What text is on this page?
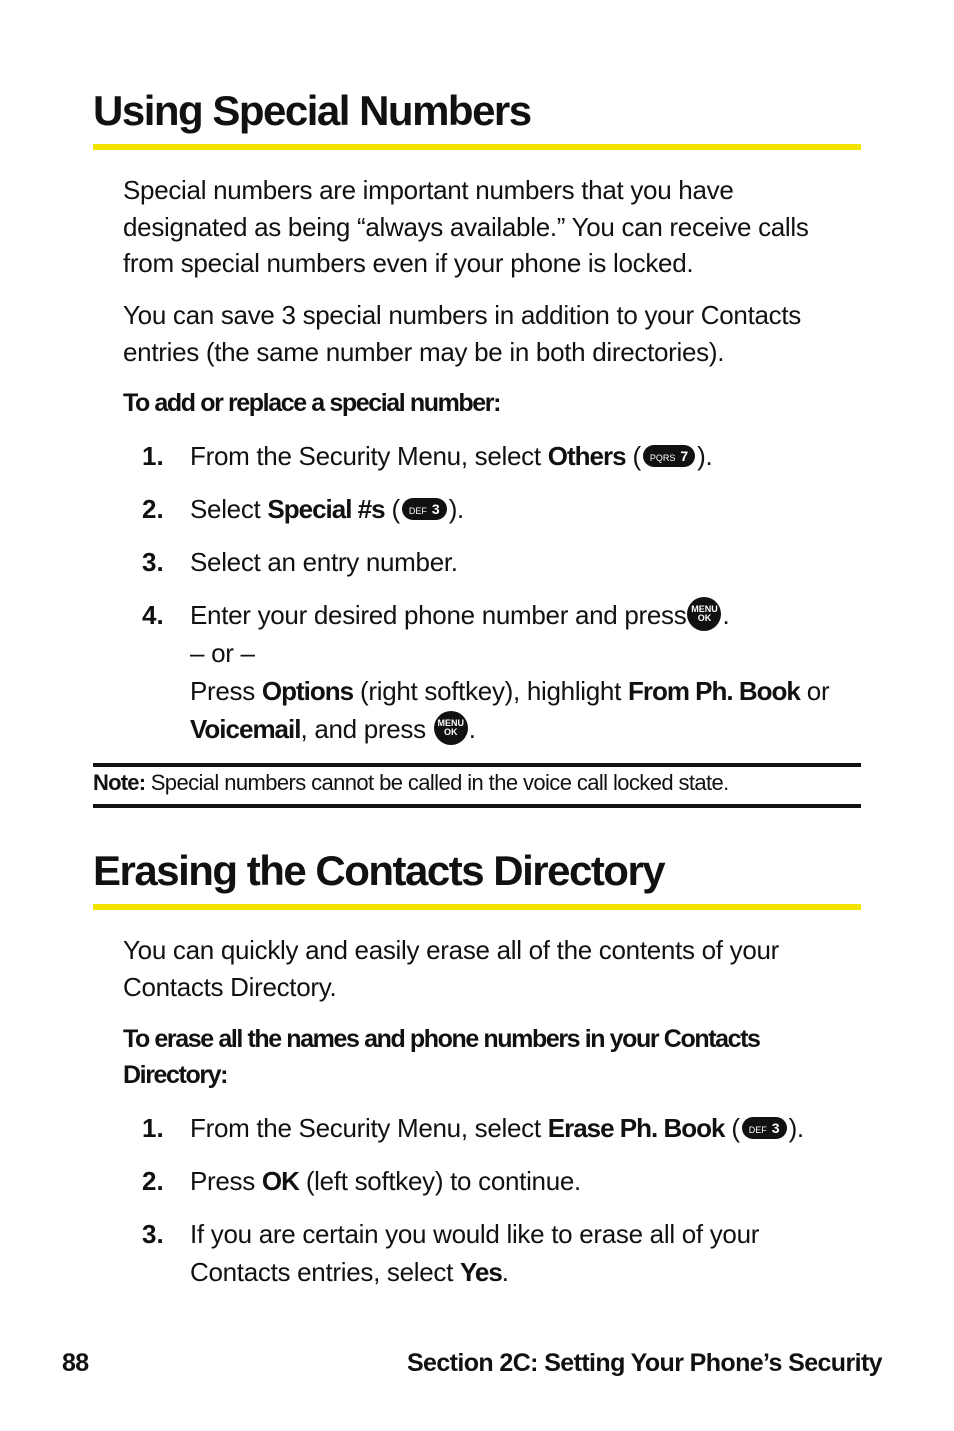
Using Special Numbers

Special numbers are important numbers that you have designated as being “always available.” You can receive calls from special numbers even if your phone is locked.

You can save 3 special numbers in addition to your Contacts entries (the same number may be in both directories).

To add or replace a special number:

1. From the Security Menu, select Others ( PQRS 7 ).

2. Select Special #s ( DEF 3 ).

3. Select an entry number.

4. Enter your desired phone number and press MENU
OK .
– or –
Press Options (right softkey), highlight From Ph. Book or
Voicemail, and press MENU
OK .

Note: Special numbers cannot be called in the voice call locked state.

Erasing the Contacts Directory

You can quickly and easily erase all of the contents of your Contacts Directory.

To erase all the names and phone numbers in your Contacts Directory:

1. From the Security Menu, select Erase Ph. Book ( DEF 3 ).

2. Press OK (left softkey) to continue.

3. If you are certain you would like to erase all of your Contacts entries, select Yes.

88	Section 2C: Setting Your Phone’s Security
